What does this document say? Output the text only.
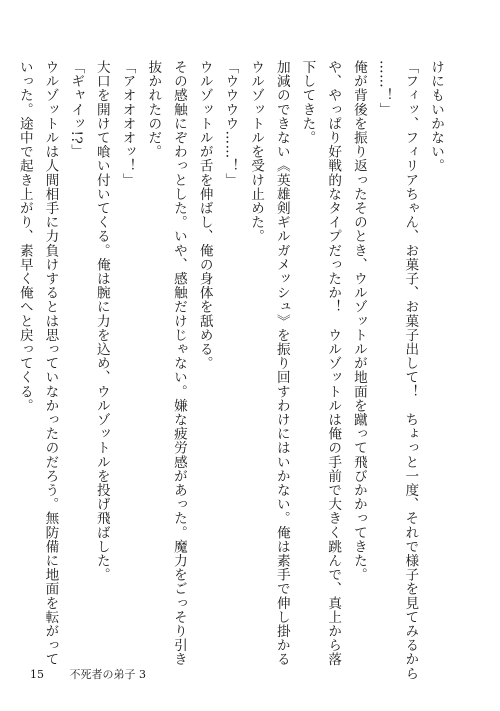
けにもいかない。
「フィッ、フィリアちゃん、お菓子、お菓子出して！　ちょっと一度、それで様子を見てみるから
……！」
俺が背後を振り返ったそのとき、ウルゾットルが地面を蹴って飛びかかってきた。
や、やっぱり好戦的なタイプだったか！　ウルゾットルは俺の手前で大きく跳んで、真上から落
下してきた。
加減のできない《英雄剣ギルガメッシュ》を振り回すわけにはいかない。俺は素手で伸し掛かる
ウルゾットルを受け止めた。
「ウウウウ……！」
ウルゾットルが舌を伸ばし、俺の身体を舐める。
その感触にぞわっとした。いや、感触だけじゃない。嫌な疲労感があった。魔力をごっそり引き
抜かれたのだ。
「アオオオオッ！」
大口を開けて喰い付いてくる。俺は腕に力を込め、ウルゾットルを投げ飛ばした。
「ギャイッ!?」
ウルゾットルは人間相手に力負けするとは思っていなかったのだろう。無防備に地面を転がって
いった。途中で起き上がり、素早く俺へと戻ってくる。
15 不死者の弟子 3
